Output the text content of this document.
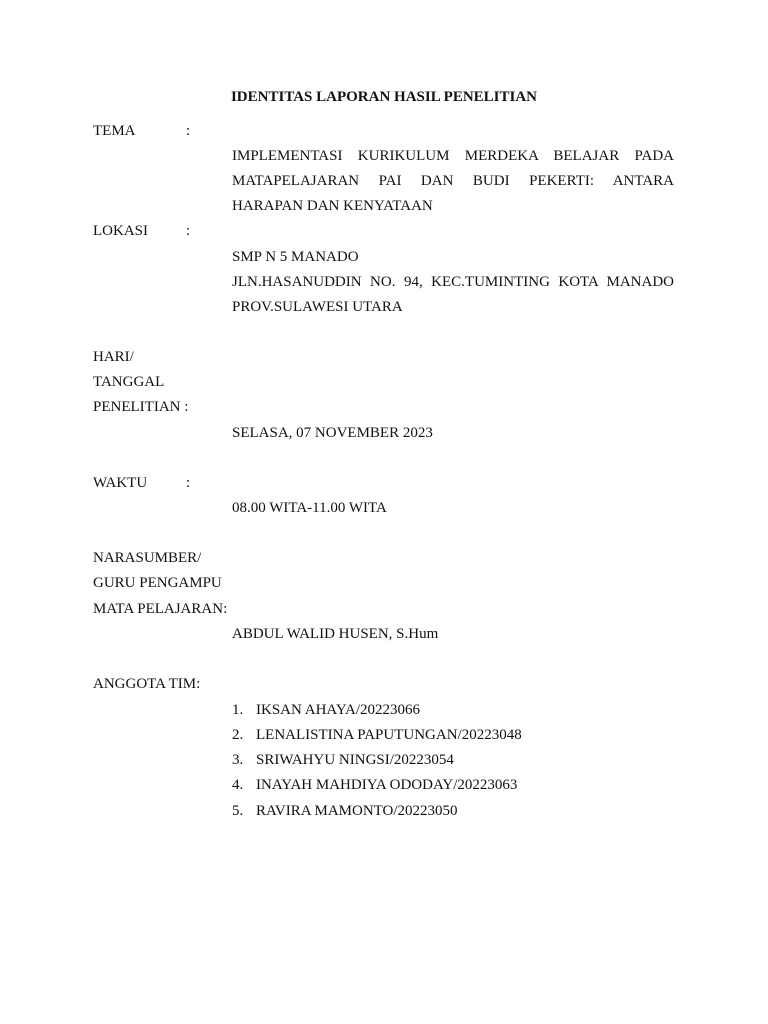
IDENTITAS LAPORAN HASIL PENELITIAN
TEMA	:
IMPLEMENTASI KURIKULUM MERDEKA BELAJAR PADA
MATAPELAJARAN PAI DAN BUDI PEKERTI: ANTARA
HARAPAN DAN KENYATAAN
LOKASI	:
SMP N 5 MANADO
JLN.HASANUDDIN NO. 94, KEC.TUMINTING KOTA MANADO
PROV.SULAWESI UTARA
HARI/
TANGGAL
PENELITIAN :
SELASA, 07 NOVEMBER 2023
WAKTU	:
08.00 WITA-11.00 WITA
NARASUMBER/
GURU PENGAMPU
MATA PELAJARAN:
ABDUL WALID HUSEN, S.Hum
ANGGOTA TIM:
1. IKSAN AHAYA/20223066
2. LENALISTINA PAPUTUNGAN/20223048
3. SRIWAHYU NINGSI/20223054
4. INAYAH MAHDIYA ODODAY/20223063
5. RAVIRA MAMONTO/20223050
